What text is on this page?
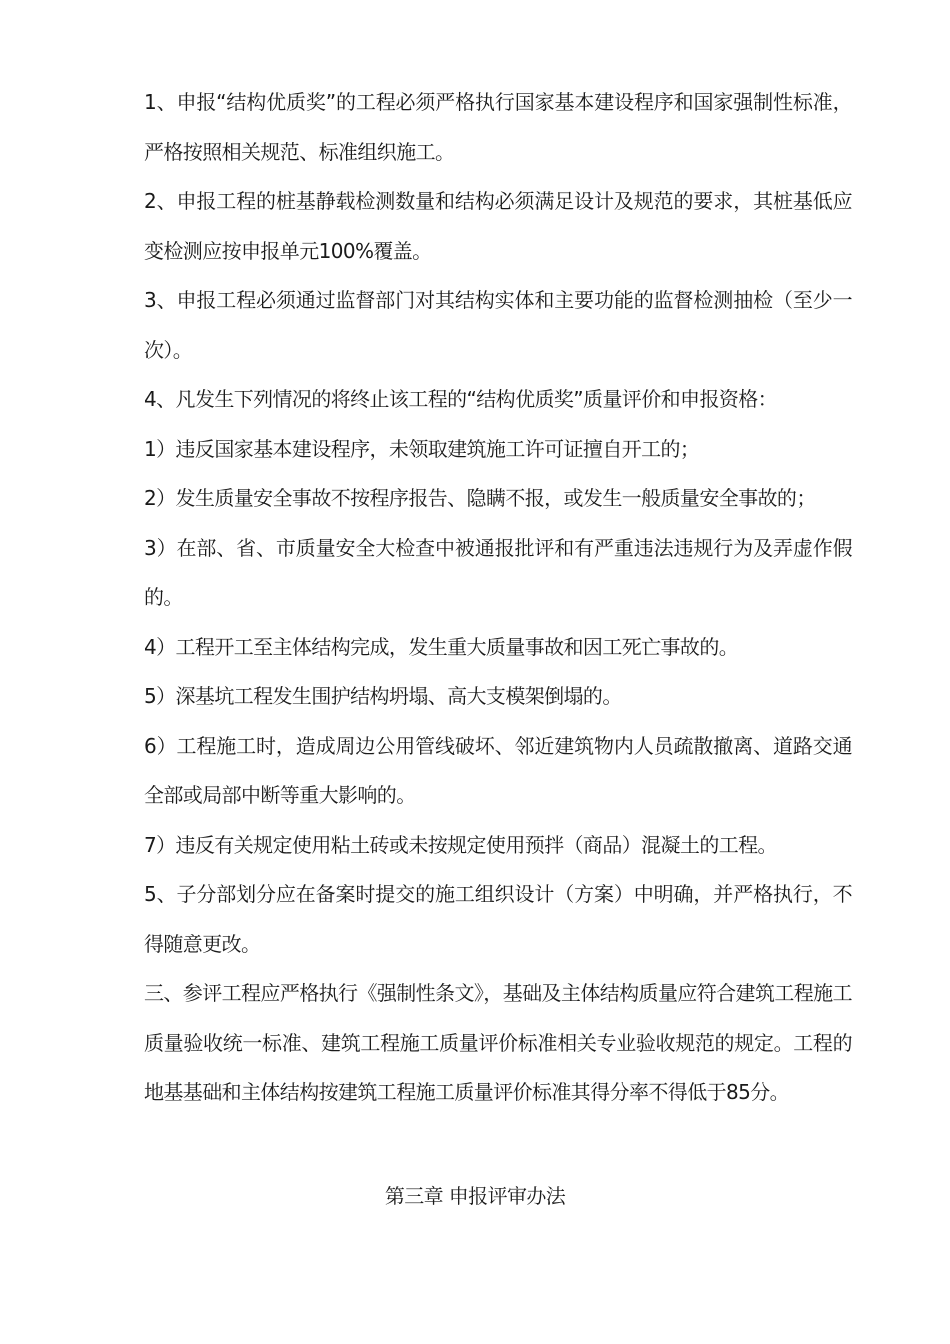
1、申报“结构优质奖”的工程必须严格执行国家基本建设程序和国家强制性标准，严格按照相关规范、标准组织施工。

2、申报工程的桩基静载检测数量和结构必须满足设计及规范的要求，其桩基低应变检测应按申报单元100%覆盖。

3、申报工程必须通过监督部门对其结构实体和主要功能的监督检测抽检（至少一次）。

4、凡发生下列情况的将终止该工程的“结构优质奖”质量评价和申报资格：

1）违反国家基本建设程序，未领取建筑施工许可证擅自开工的；

2）发生质量安全事故不按程序报告、隐瞒不报，或发生一般质量安全事故的；

3）在部、省、市质量安全大检查中被通报批评和有严重违法违规行为及弄虚作假的。

4）工程开工至主体结构完成，发生重大质量事故和因工死亡事故的。

5）深基坑工程发生围护结构坍塌、高大支模架倒塌的。

6）工程施工时，造成周边公用管线破坏、邻近建筑物内人员疏散撤离、道路交通全部或局部中断等重大影响的。

7）违反有关规定使用粘土砖或未按规定使用预拌（商品）混凝土的工程。

5、子分部划分应在备案时提交的施工组织设计（方案）中明确，并严格执行，不得随意更改。

三、参评工程应严格执行《强制性条文》，基础及主体结构质量应符合建筑工程施工质量验收统一标准、建筑工程施工质量评价标准相关专业验收规范的规定。工程的地基基础和主体结构按建筑工程施工质量评价标准其得分率不得低于85分。

第三章 申报评审办法
